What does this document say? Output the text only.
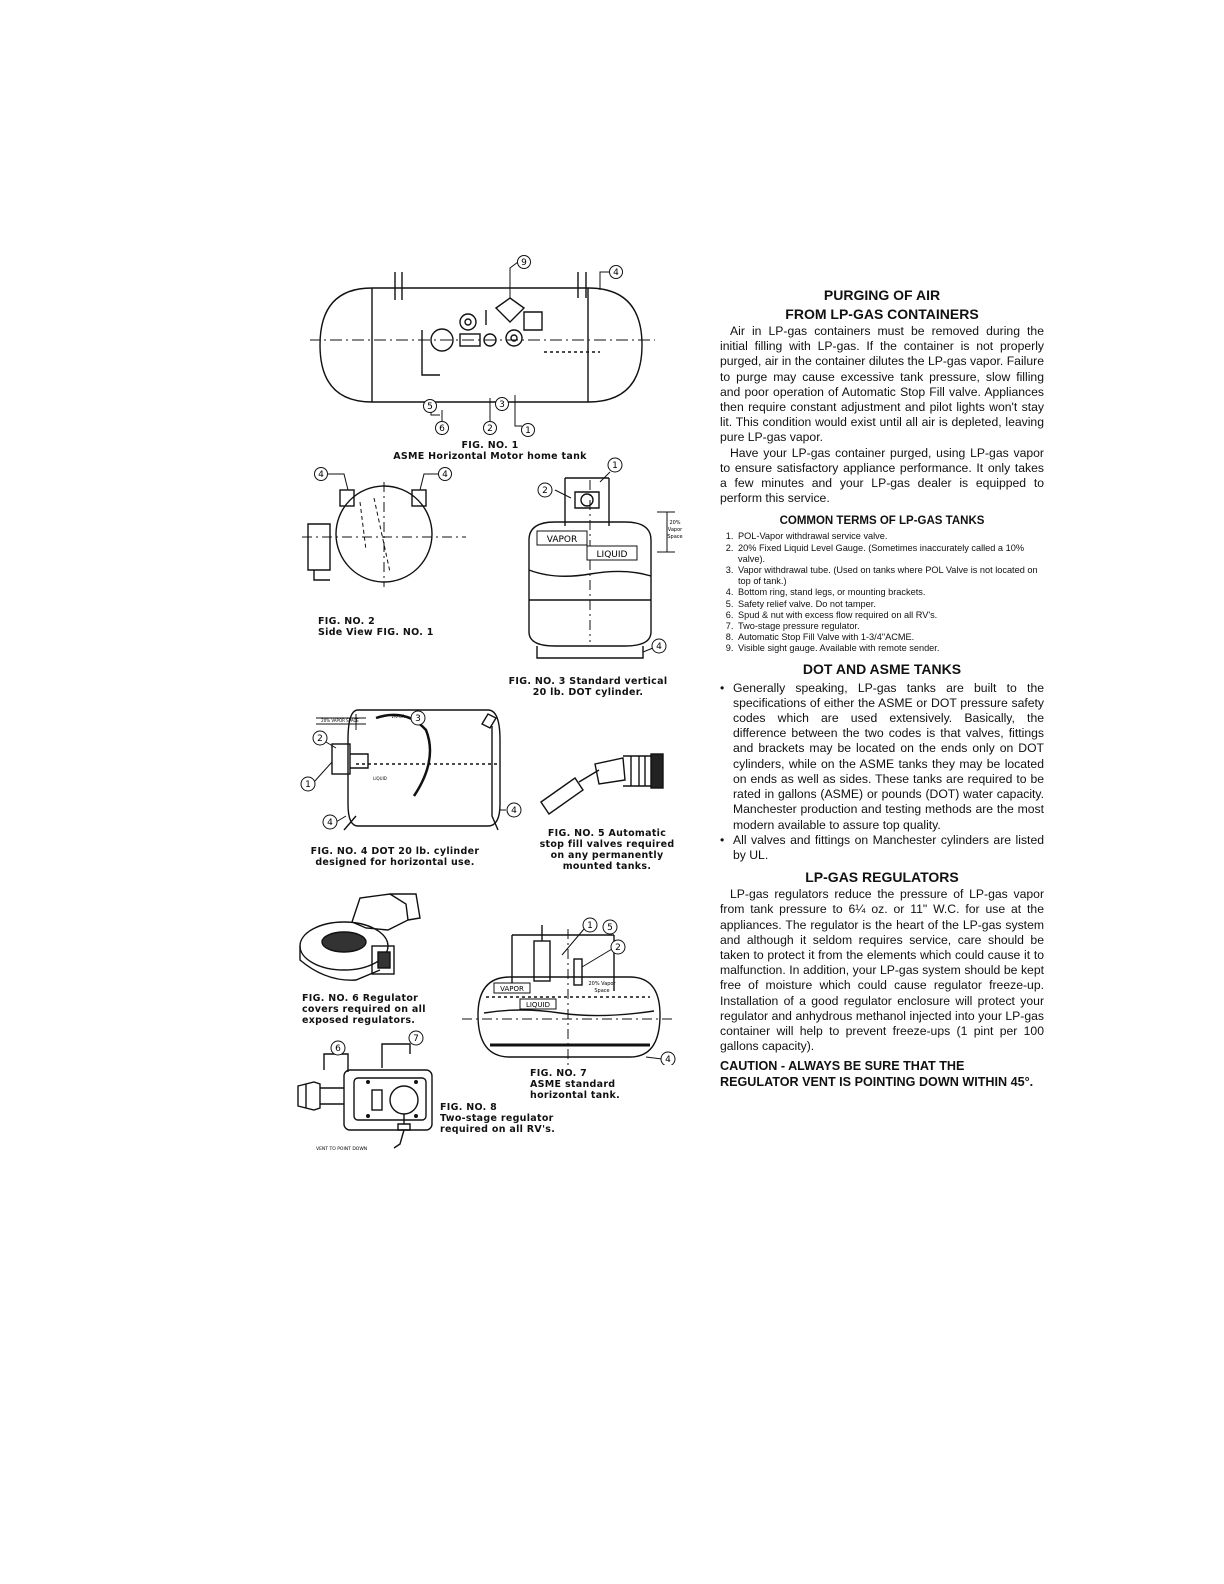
9
4
5
6	2
3
1
FIG. NO. 1
ASME Horizontal Motor home tank
4	4
FIG. NO. 2
Side View FIG. NO. 1
VAPOR
LIQUID
20%
Vapor
Space
1
2
4
FIG. NO. 3 Standard vertical
20 lb. DOT cylinder.
20% VAPOR SPACE
VAPOR
LIQUID
3
2
1
4
4
FIG. NO. 4 DOT 20 lb. cylinder
designed for horizontal use.
FIG. NO. 5 Automatic
stop fill valves required
on any permanently
mounted tanks.
FIG. NO. 6 Regulator
covers required on all
exposed regulators.
VAPOR
LIQUID
20% Vapor
Space
1 5
2
4
FIG. NO. 7
ASME standard
horizontal tank.
6
7
VENT TO POINT DOWN
FIG. NO. 8
Two-stage regulator
required on all RV's.
PURGING OF AIR
FROM LP-GAS CONTAINERS

Air in LP-gas containers must be removed during the initial filling with LP-gas. If the container is not properly purged, air in the container dilutes the LP-gas vapor. Failure to purge may cause excessive tank pressure, slow filling and poor operation of Automatic Stop Fill valve. Appliances then require constant adjustment and pilot lights won't stay lit. This condition would exist until all air is depleted, leaving pure LP-gas vapor.

Have your LP-gas container purged, using LP-gas vapor to ensure satisfactory appliance performance. It only takes a few minutes and your LP-gas dealer is equipped to perform this service.

COMMON TERMS OF LP-GAS TANKS
1. POL-Vapor withdrawal service valve.
2. 20% Fixed Liquid Level Gauge. (Sometimes inaccurately called a 10% valve).
3. Vapor withdrawal tube. (Used on tanks where POL Valve is not located on top of tank.)
4. Bottom ring, stand legs, or mounting brackets.
5. Safety relief valve. Do not tamper.
6. Spud & nut with excess flow required on all RV's.
7. Two-stage pressure regulator.
8. Automatic Stop Fill Valve with 1-3/4"ACME.
9. Visible sight gauge. Available with remote sender.
DOT AND ASME TANKS
• Generally speaking, LP-gas tanks are built to the specifications of either the ASME or DOT pressure safety codes which are used extensively. Basically, the difference between the two codes is that valves, fittings and brackets may be located on the ends only on DOT cylinders, while on the ASME tanks they may be located on ends as well as sides. These tanks are required to be rated in gallons (ASME) or pounds (DOT) water capacity. Manchester production and testing methods are the most modern available to assure top quality.
• All valves and fittings on Manchester cylinders are listed by UL.
LP-GAS REGULATORS

LP-gas regulators reduce the pressure of LP-gas vapor from tank pressure to 6¼ oz. or 11" W.C. for use at the appliances. The regulator is the heart of the LP-gas system and although it seldom requires service, care should be taken to protect it from the elements which could cause it to malfunction. In addition, your LP-gas system should be kept free of moisture which could cause regulator freeze-up. Installation of a good regulator enclosure will protect your regulator and anhydrous methanol injected into your LP-gas container will help to prevent freeze-ups (1 pint per 100 gallons capacity).

CAUTION - ALWAYS BE SURE THAT THE REGULATOR VENT IS POINTING DOWN WITHIN 45°.
